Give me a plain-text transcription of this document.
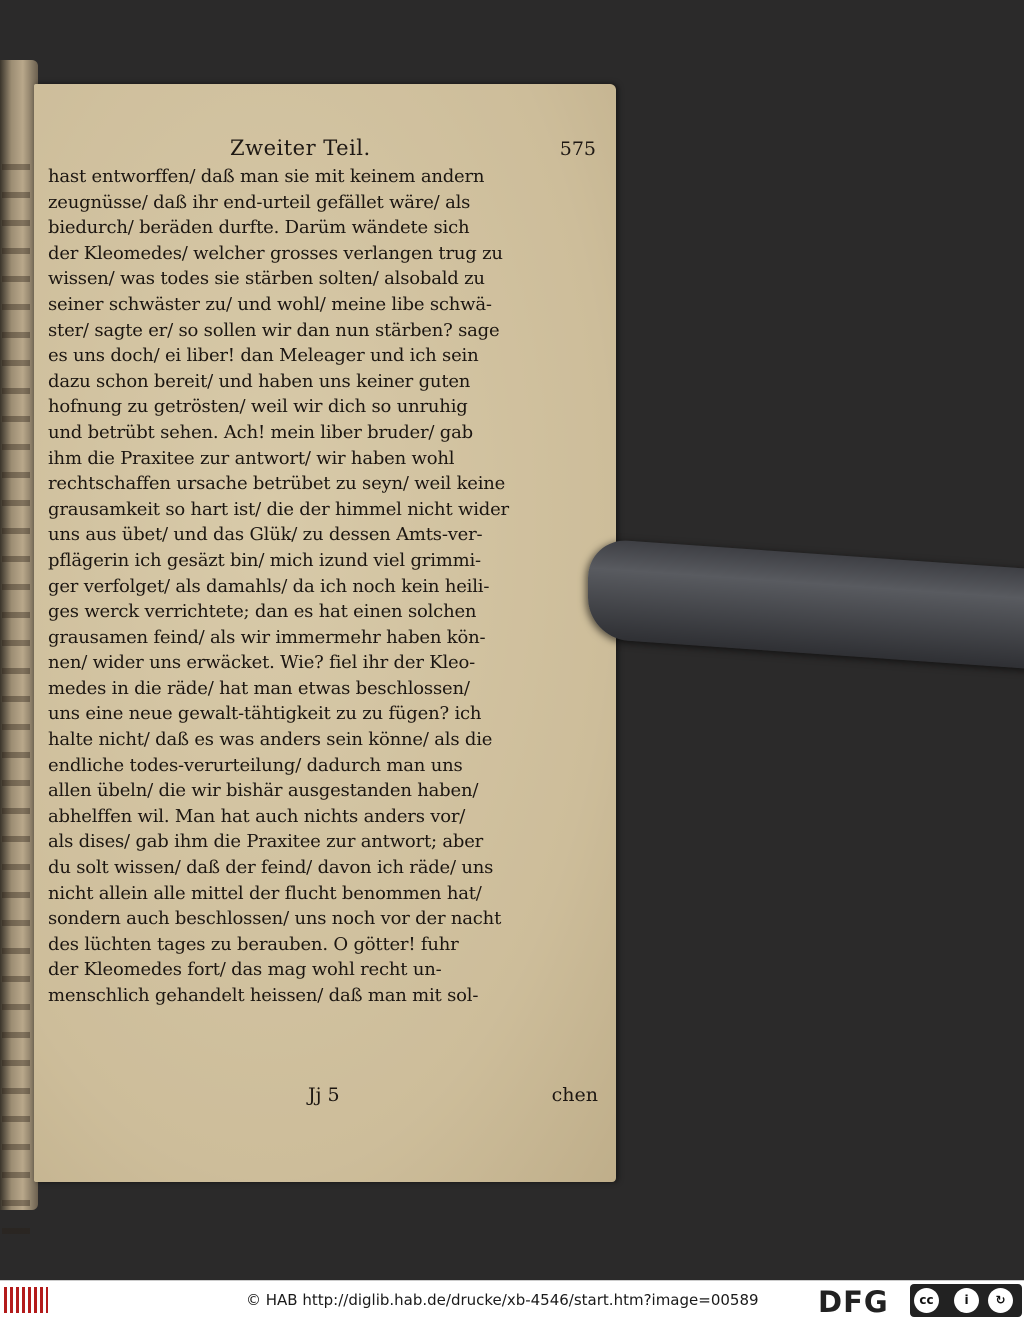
Zweiter Teil.	575
hast entworffen/ daß man sie mit keinem andern
zeugnüsse/ daß ihr end-urteil gefället wäre/ als
biedurch/ beräden durfte. Darüm wändete sich
der Kleomedes/ welcher grosses verlangen trug zu
wissen/ was todes sie stärben solten/ alsobald zu
seiner schwäster zu/ und wohl/ meine libe schwä-
ster/ sagte er/ so sollen wir dan nun stärben? sage
es uns doch/ ei liber! dan Meleager und ich sein
dazu schon bereit/ und haben uns keiner guten
hofnung zu getrösten/ weil wir dich so unruhig
und betrübt sehen. Ach! mein liber bruder/ gab
ihm die Praxitee zur antwort/ wir haben wohl
rechtschaffen ursache betrübet zu seyn/ weil keine
grausamkeit so hart ist/ die der himmel nicht wider
uns aus übet/ und das Glük/ zu dessen Amts-ver-
pflägerin ich gesäzt bin/ mich izund viel grimmi-
ger verfolget/ als damahls/ da ich noch kein heili-
ges werck verrichtete; dan es hat einen solchen
grausamen feind/ als wir immermehr haben kön-
nen/ wider uns erwäcket. Wie? fiel ihr der Kleo-
medes in die räde/ hat man etwas beschlossen/
uns eine neue gewalt-tähtigkeit zu zu fügen? ich
halte nicht/ daß es was anders sein könne/ als die
endliche todes-verurteilung/ dadurch man uns
allen übeln/ die wir bishär ausgestanden haben/
abhelffen wil. Man hat auch nichts anders vor/
als dises/ gab ihm die Praxitee zur antwort; aber
du solt wissen/ daß der feind/ davon ich räde/ uns
nicht allein alle mittel der flucht benommen hat/
sondern auch beschlossen/ uns noch vor der nacht
des lüchten tages zu berauben. O götter! fuhr
der Kleomedes fort/ das mag wohl recht un-
menschlich gehandelt heissen/ daß man mit sol-
Jj 5	chen
© HAB http://diglib.hab.de/drucke/xb-4546/start.htm?image=00589 DFG	cc	i
BY
↻
SA
